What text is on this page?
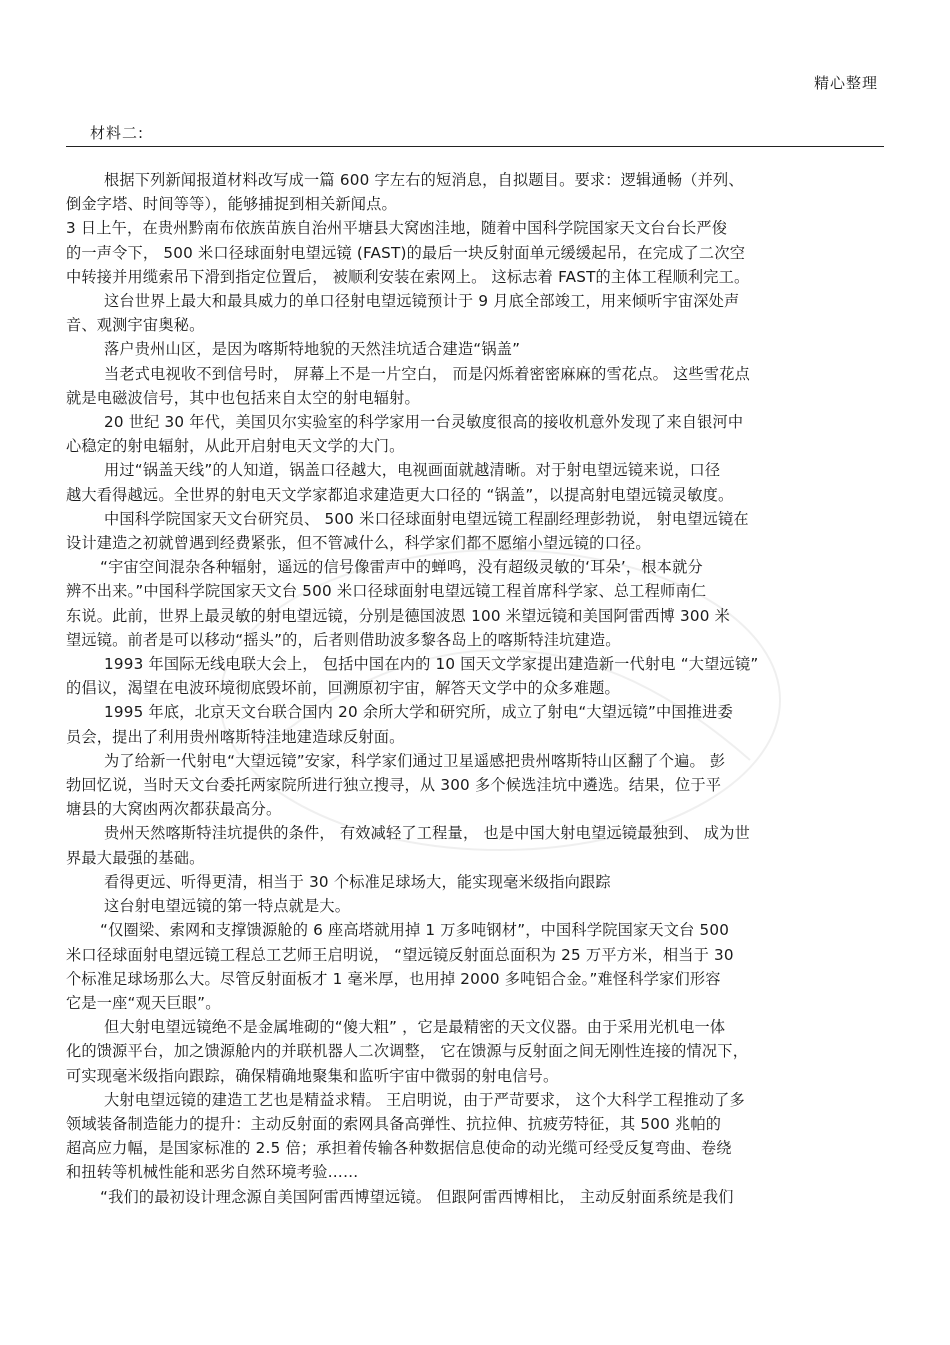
精心整理
材料二:

根据下列新闻报道材料改写成一篇 600 字左右的短消息，自拟题目。要求：逻辑通畅（并列、

倒金字塔、时间等等），能够捕捉到相关新闻点。

3 日上午，在贵州黔南布依族苗族自治州平塘县大窝凼洼地，随着中国科学院国家天文台台长严俊

的一声令下， 500 米口径球面射电望远镜 (FAST)的最后一块反射面单元缓缓起吊，在完成了二次空

中转接并用缆索吊下滑到指定位置后， 被顺利安装在索网上。 这标志着 FAST的主体工程顺利完工。

这台世界上最大和最具威力的单口径射电望远镜预计于 9 月底全部竣工，用来倾听宇宙深处声

音、观测宇宙奥秘。

落户贵州山区，是因为喀斯特地貌的天然洼坑适合建造“锅盖”

当老式电视收不到信号时， 屏幕上不是一片空白， 而是闪烁着密密麻麻的雪花点。 这些雪花点

就是电磁波信号，其中也包括来自太空的射电辐射。

20 世纪 30 年代，美国贝尔实验室的科学家用一台灵敏度很高的接收机意外发现了来自银河中

心稳定的射电辐射，从此开启射电天文学的大门。

用过“锅盖天线”的人知道，锅盖口径越大，电视画面就越清晰。对于射电望远镜来说，口径

越大看得越远。全世界的射电天文学家都追求建造更大口径的 “锅盖”，以提高射电望远镜灵敏度。

中国科学院国家天文台研究员、 500 米口径球面射电望远镜工程副经理彭勃说， 射电望远镜在

设计建造之初就曾遇到经费紧张，但不管减什么，科学家们都不愿缩小望远镜的口径。

“宇宙空间混杂各种辐射，遥远的信号像雷声中的蝉鸣，没有超级灵敏的‘耳朵’，根本就分

辨不出来。”中国科学院国家天文台 500 米口径球面射电望远镜工程首席科学家、总工程师南仁

东说。此前，世界上最灵敏的射电望远镜，分别是德国波恩 100 米望远镜和美国阿雷西博 300 米

望远镜。前者是可以移动“摇头”的，后者则借助波多黎各岛上的喀斯特洼坑建造。

1993 年国际无线电联大会上， 包括中国在内的 10 国天文学家提出建造新一代射电 “大望远镜”

的倡议，渴望在电波环境彻底毁坏前，回溯原初宇宙，解答天文学中的众多难题。

1995 年底，北京天文台联合国内 20 余所大学和研究所，成立了射电“大望远镜”中国推进委

员会，提出了利用贵州喀斯特洼地建造球反射面。

为了给新一代射电“大望远镜”安家，科学家们通过卫星遥感把贵州喀斯特山区翻了个遍。 彭

勃回忆说，当时天文台委托两家院所进行独立搜寻，从 300 多个候选洼坑中遴选。结果，位于平

塘县的大窝凼两次都获最高分。

贵州天然喀斯特洼坑提供的条件， 有效减轻了工程量， 也是中国大射电望远镜最独到、 成为世

界最大最强的基础。

看得更远、听得更清，相当于 30 个标准足球场大，能实现毫米级指向跟踪

这台射电望远镜的第一特点就是大。

“仅圈梁、索网和支撑馈源舱的 6 座高塔就用掉 1 万多吨钢材”，中国科学院国家天文台 500

米口径球面射电望远镜工程总工艺师王启明说， “望远镜反射面总面积为 25 万平方米，相当于 30

个标准足球场那么大。尽管反射面板才 1 毫米厚，也用掉 2000 多吨铝合金。”难怪科学家们形容

它是一座“观天巨眼”。

但大射电望远镜绝不是金属堆砌的“傻大粗” ，它是最精密的天文仪器。由于采用光机电一体

化的馈源平台，加之馈源舱内的并联机器人二次调整， 它在馈源与反射面之间无刚性连接的情况下，

可实现毫米级指向跟踪，确保精确地聚集和监听宇宙中微弱的射电信号。

大射电望远镜的建造工艺也是精益求精。 王启明说，由于严苛要求， 这个大科学工程推动了多

领域装备制造能力的提升：主动反射面的索网具备高弹性、抗拉伸、抗疲劳特征，其 500 兆帕的

超高应力幅，是国家标准的 2.5 倍；承担着传输各种数据信息使命的动光缆可经受反复弯曲、卷绕

和扭转等机械性能和恶劣自然环境考验……

“我们的最初设计理念源自美国阿雷西博望远镜。 但跟阿雷西博相比， 主动反射面系统是我们
